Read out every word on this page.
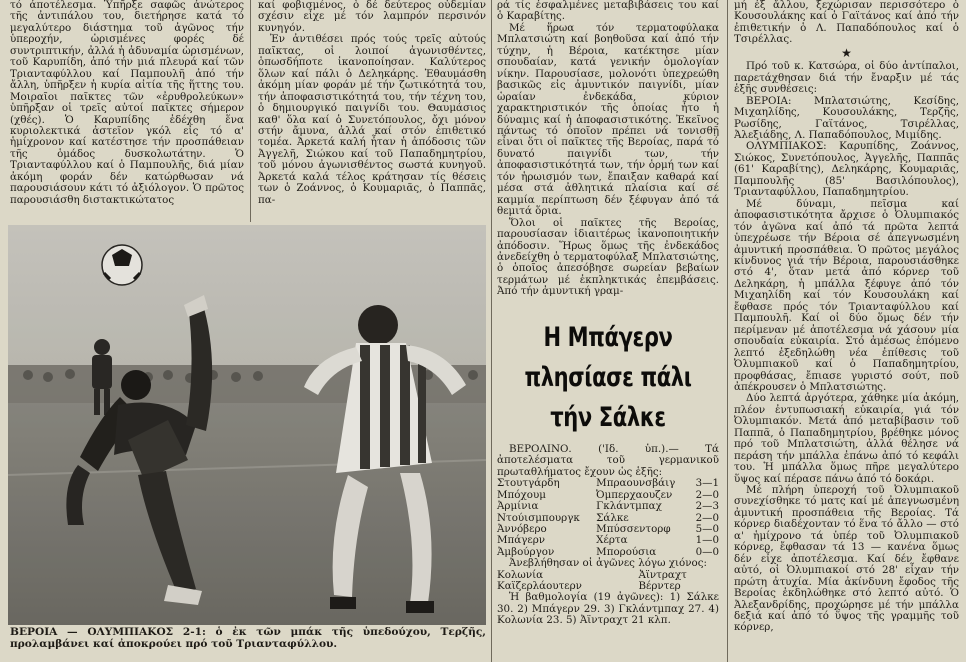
τό ἀποτέλεσμα. Ὑπῆρξε σαφῶς ἀνώτερος τῆς ἀντιπάλου του, διετήρησε κατά τό μεγαλύτερο διάστημα τοῦ ἀγῶνος τήν ὑπεροχήν, ὡρισμένες φορές δέ συντριπτικήν, ἀλλά ἡ ἀδυναμία ὡρισμένων, τοῦ Καρυπίδη, ἀπό τήν μιά πλευρά καί τῶν Τριανταφύλλου καί Παμπουλῆ ἀπό τήν ἄλλη, ὑπῆρξεν ἡ κυρία αἰτία τῆς ἥττης του. Μοιραῖοι παῖκτες τῶν «ἐρυθρολεύκων» ὑπῆρξαν οἱ τρεῖς αὐτοί παῖκτες σήμερον (χθές). Ὁ Καρυπίδης ἐδέχθη ἕνα κυριολεκτικά ἀστεῖον γκόλ εἰς τό α' ἡμίχρονον καί κατέστησε τήν προσπάθειαν τῆς ὁμάδος δυσκολωτάτην. Ὁ Τριανταφύλλου καί ὁ Παμπουλῆς, διά μίαν ἀκόμη φοράν δέν κατώρθωσαν νά παρουσιάσουν κάτι τό ἀξιόλογον. Ὁ πρῶτος παρουσιάσθη διστακτικώτατος

καί φοβισμένος, ὁ δέ δεύτερος οὐδεμίαν σχέσιν εἶχε μέ τόν λαμπρόν περσινόν κυνηγόν.

Ἐν ἀντιθέσει πρός τούς τρεῖς αὐτούς παῖκτας, οἱ λοιποί ἀγωνισθέντες, ὁπωσδήποτε ἱκανοποίησαν. Καλύτερος ὅλων καί πάλι ὁ Δεληκάρης. Ἐθαυμάσθη ἀκόμη μίαν φοράν μέ τήν ζωτικότητά του, τήν ἀποφασιστικότητά του, τήν τέχνη του, ὁ δημιουργικό παιγνίδι του. Θαυμάσιος καθ' ὅλα καί ὁ Συνετόπουλος, ὄχι μόνον στήν ἄμυνα, ἀλλά καί στόν ἐπιθετικό τομέα. Ἀρκετά καλή ἦταν ἡ ἀπόδοσις τῶν Ἀγγελῆ, Σιώκου καί τοῦ Παπαδημητρίου, τοῦ μόνου ἀγωνισθέντος σωστά κυνηγοῦ. Ἀρκετά καλά τέλος κράτησαν τίς θέσεις των ὁ Ζοάννος, ὁ Κουμαριᾶς, ὁ Παππᾶς, πα-

ρά τίς ἐσφαλμένες μεταβιβάσεις του καί ὁ Καραβίτης.

Μέ ἥρωα τόν τερματοφύλακα Μπλατσιώτη καί βοηθοῦσα καί ἀπό τήν τύχην, ἡ Βέροια, κατέκτησε μίαν σπουδαίαν, κατά γενικήν ὁμολογίαν νίκην. Παρουσίασε, μολονότι ὑπεχρεώθη βασικῶς εἰς ἀμυντικόν παιγνίδι, μίαν ὡραίαν ἐνδεκάδα, κύριον χαρακτηριστικόν τῆς ὁποίας ἦτο ἡ δύναμις καί ἡ ἀποφασιστικότης. Ἐκεῖνος πάντως τό ὁποῖον πρέπει νά τονισθῇ εἶναι ὅτι οἱ παῖκτες τῆς Βεροίας, παρά τό δυνατό παιγνίδι των, τήν ἀποφασιστικότητά των, τήν ὁρμή των καί τόν ἡρωισμόν των, ἔπαιξαν καθαρά καί μέσα στά ἀθλητικά πλαίσια καί σέ καμμία περίπτωση δέν ξέφυγαν ἀπό τά θεμιτά ὅρια.

Ὅλοι οἱ παῖκτες τῆς Βεροίας, παρουσίασαν ἰδιαιτέρως ἱκανοποιητικήν ἀπόδοσιν. Ἥρως ὅμως τῆς ἐνδεκάδος ἀνεδείχθη ὁ τερματοφύλαξ Μπλατσιώτης, ὁ ὁποῖος ἀπεσόβησε σωρείαν βεβαίων τερμάτων μέ ἐκπληκτικάς ἐπεμβάσεις. Ἀπό τήν ἀμυντική γραμ-

μή ἐξ ἄλλου, ξεχώρισαν περισσότερο ὁ Κουσουλάκης καί ὁ Γαϊτάνος καί ἀπό τήν ἐπιθετικήν ὁ Λ. Παπαδόπουλος καί ὁ Τσιρέλλας.

★

Πρό τοῦ κ. Κατσώρα, οἱ δύο ἀντίπαλοι, παρετάχθησαν διά τήν ἔναρξιν μέ τάς ἑξῆς συνθέσεις:

ΒΕΡΟΙΑ: Μπλατσιώτης, Κεσίδης, Μιχαηλίδης, Κουσουλάκης, Τερζῆς, Ρωσίδης, Γαϊτάνος, Τσιρέλλας, Ἀλεξιάδης, Λ. Παπαδόπουλος, Μιμίδης.

ΟΛΥΜΠΙΑΚΟΣ: Καρυπίδης, Ζοάννος, Σιώκος, Συνετόπουλος, Ἀγγελῆς, Παππᾶς (61' Καραβίτης), Δεληκάρης, Κουμαριᾶς, Παμπουλῆς (85' Βασιλόπουλος), Τριανταφύλλου, Παπαδημητρίου.

Μέ δύναμι, πεῖσμα καί ἀποφασιστικότητα ἄρχισε ὁ Ὀλυμπιακός τόν ἀγῶνα καί ἀπό τά πρῶτα λεπτά ὑπεχρέωσε τήν Βέροια σέ ἀπεγνωσμένη ἀμυντική προσπάθεια. Ὁ πρῶτος μεγάλος κίνδυνος γιά τήν Βέροια, παρουσιάσθηκε στό 4', ὅταν μετά ἀπό κόρνερ τοῦ Δεληκάρη, ἡ μπάλλα ξέφυγε ἀπό τόν Μιχαηλίδη καί τόν Κουσουλάκη καί ἔφθασε πρός τόν Τριανταφύλλου καί Παμπουλῆ. Καί οἱ δύο ὅμως δέν τήν περίμεναν μέ ἀποτέλεσμα νά χάσουν μία σπουδαία εὐκαιρία. Στό ἀμέσως ἑπόμενο λεπτό ἐξεδηλώθη νέα ἐπίθεσις τοῦ Ὀλυμπιακοῦ καί ὁ Παπαδημητρίου, προφθάσας, ἔπιασε γυριστό σούτ, ποῦ ἀπέκρουσεν ὁ Μπλατσιώτης.

Δύο λεπτά ἀργότερα, χάθηκε μία ἀκόμη, πλέον ἐντυπωσιακή εὐκαιρία, γιά τόν Ὀλυμπιακόν. Μετά ἀπό μεταβίβασιν τοῦ Παππᾶ, ὁ Παπαδημητρίου, βρέθηκε μόνος πρό τοῦ Μπλατσιώτη, ἀλλά θέλησε νά περάση τήν μπάλλα ἐπάνω ἀπό τό κεφάλι του. Ἡ μπάλλα ὅμως πῆρε μεγαλύτερο ὕψος καί πέρασε πάνω ἀπό τό δοκάρι.

Μέ πλήρη ὑπεροχή τοῦ Ὀλυμπιακοῦ συνεχίσθηκε τό ματς καί μέ ἀπεγνωσμένη ἀμυντική προσπάθεια τῆς Βεροίας. Τά κόρνερ διαδέχονταν τό ἕνα τό ἄλλο — στό α' ἡμίχρονο τά ὑπέρ τοῦ Ὀλυμπιακοῦ κόρνερ, ἔφθασαν τά 13 — κανένα ὅμως δέν εἶχε ἀποτέλεσμα. Καί δέν ἔφθανε αὐτό, οἱ Ὀλυμπιακοί στό 28' εἶχαν τήν πρώτη ἀτυχία. Μία ἀκίνδυνη ἔφοδος τῆς Βεροίας ἐκδηλώθηκε στό λεπτό αὐτό. Ὁ Ἀλεξανδρίδης, προχώρησε μέ τήν μπάλλα δεξιά καί ἀπό τό ὕψος τῆς γραμμῆς τοῦ κόρνερ,

ΒΕΡΟΙΑ — ΟΛΥΜΠΙΑΚΟΣ 2-1: ὁ ἐκ τῶν μπάκ τῆς ὑπεδούχου, Τερζῆς, προλαμβάνει καί ἀποκρούει πρό τοῦ Τριανταφύλλου.
Η Μπάγερν
πλησίασε πάλι
τήν Σάλκε

ΒΕΡΟΛΙΝΟ. ('Ιδ. ὑπ.).— Τά ἀποτελέσματα τοῦ γερμανικοῦ πρωταθλήματος ἔχουν ὡς ἑξῆς:

Στουτγάρδη	Μπραουνσβάιγ	3—1
Μπόχουμ	Ὀμπερχαουζεν	2—0
Ἀρμίνια	Γκλάντμπαχ	2—3
Ντούισμπουργκ	Σάλκε	2—0
Ἀννόβερο	Μπύσσεντορφ	5—0
Μπάγερν	Χέρτα	1—0
Ἀμβούργον	Μπορούσια	0—0

Ἀνεβλήθησαν οἱ ἀγῶνες λόγω χιόνος:

Κολωνία	Ἀϊντραχτ
Καϊζερλάουτερν	Βέρντερ

Ἡ βαθμολογία (19 ἀγῶνες): 1) Σάλκε 30. 2) Μπάγερν 29. 3) Γκλάντμπαχ 27. 4) Κολωνία 23. 5) Ἀϊντραχτ 21 κλπ.
